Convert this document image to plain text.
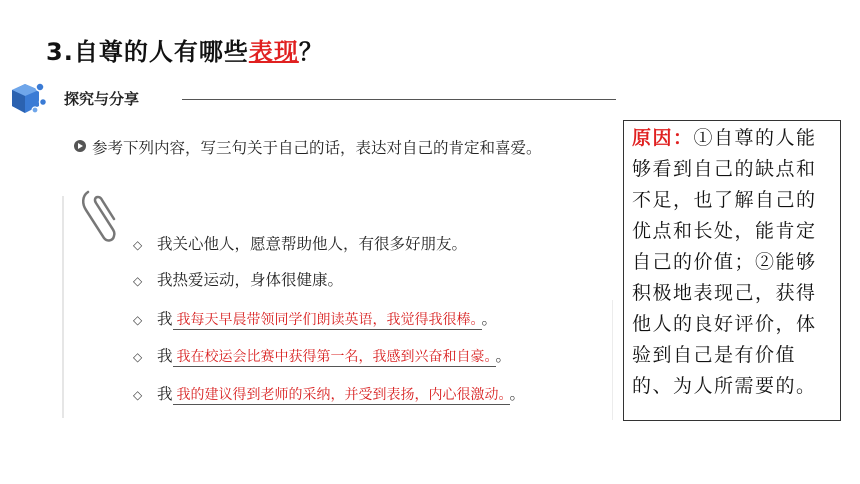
3.自尊的人有哪些表现？
探究与分享
参考下列内容，写三句关于自己的话，表达对自己的肯定和喜爱。
◇ 我关心他人，愿意帮助他人，有很多好朋友。
◇ 我热爱运动，身体很健康。
◇ 我 我每天早晨带领同学们朗读英语，我觉得我很棒。 。
◇ 我 我在校运会比赛中获得第一名，我感到兴奋和自豪。 。
◇ 我 我的建议得到老师的采纳，并受到表扬，内心很激动。 。
原因：①自尊的人能够看到自己的缺点和不足，也了解自己的优点和长处，能肯定自己的价值；②能够积极地表现己，获得他人的良好评价，体验到自己是有价值的、为人所需要的。
